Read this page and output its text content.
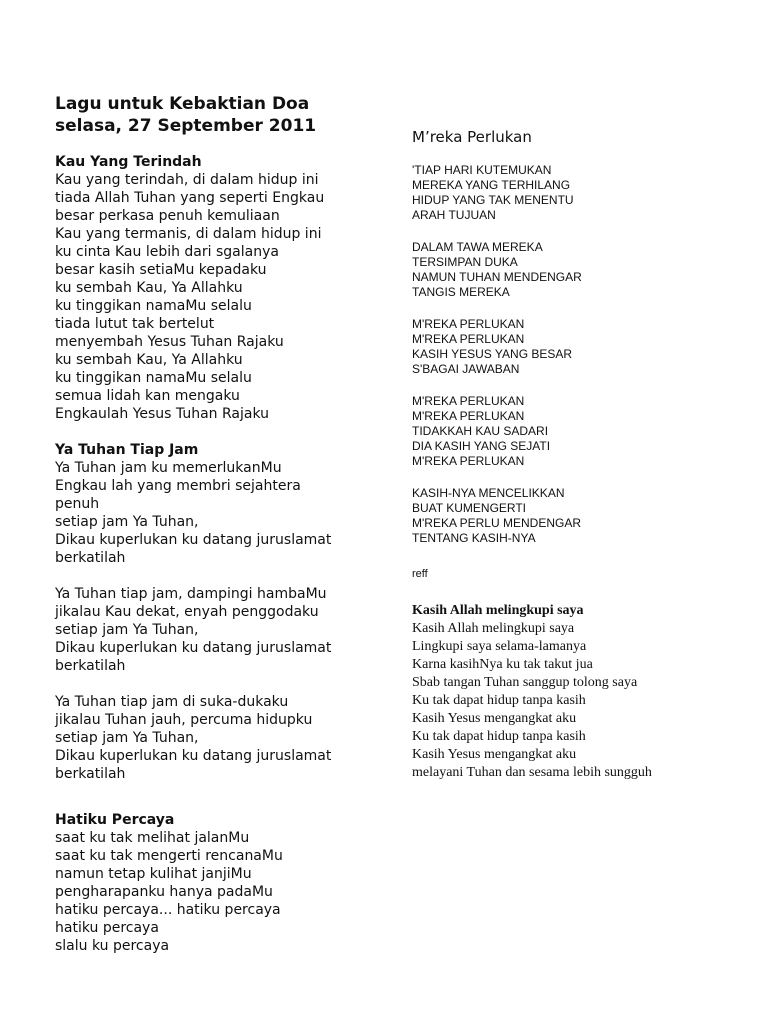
Lagu untuk Kebaktian Doa
selasa, 27 September 2011
Kau Yang Terindah
Kau yang terindah, di dalam hidup ini
tiada Allah Tuhan yang seperti Engkau
besar perkasa penuh kemuliaan
Kau yang termanis, di dalam hidup ini
ku cinta Kau lebih dari sgalanya
besar kasih setiaMu kepadaku
ku sembah Kau, Ya Allahku
ku tinggikan namaMu selalu
tiada lutut tak bertelut
menyembah Yesus Tuhan Rajaku
ku sembah Kau, Ya Allahku
ku tinggikan namaMu selalu
semua lidah kan mengaku
Engkaulah Yesus Tuhan Rajaku
Ya Tuhan Tiap Jam
Ya Tuhan jam ku memerlukanMu
Engkau lah yang membri sejahtera
penuh
setiap jam Ya Tuhan,
Dikau kuperlukan ku datang juruslamat
berkatilah
Ya Tuhan tiap jam, dampingi hambaMu
jikalau Kau dekat, enyah penggodaku
setiap jam Ya Tuhan,
Dikau kuperlukan ku datang juruslamat
berkatilah
Ya Tuhan tiap jam di suka-dukaku
jikalau Tuhan jauh, percuma hidupku
setiap jam Ya Tuhan,
Dikau kuperlukan ku datang juruslamat
berkatilah
Hatiku Percaya
saat ku tak melihat jalanMu
saat ku tak mengerti rencanaMu
namun tetap kulihat janjiMu
pengharapanku hanya padaMu
hatiku percaya... hatiku percaya
hatiku percaya
slalu ku percaya
M’reka Perlukan
'TIAP HARI KUTEMUKAN
MEREKA YANG TERHILANG
HIDUP YANG TAK MENENTU
ARAH TUJUAN
DALAM TAWA MEREKA
TERSIMPAN DUKA
NAMUN TUHAN MENDENGAR
TANGIS MEREKA
M'REKA PERLUKAN
M'REKA PERLUKAN
KASIH YESUS YANG BESAR
S'BAGAI JAWABAN
M'REKA PERLUKAN
M'REKA PERLUKAN
TIDAKKAH KAU SADARI
DIA KASIH YANG SEJATI
M'REKA PERLUKAN
KASIH-NYA MENCELIKKAN
BUAT KUMENGERTI
M'REKA PERLU MENDENGAR
TENTANG KASIH-NYA
reff
Kasih Allah melingkupi saya
Kasih Allah melingkupi saya
Lingkupi saya selama-lamanya
Karna kasihNya ku tak takut jua
Sbab tangan Tuhan sanggup tolong saya
Ku tak dapat hidup tanpa kasih
Kasih Yesus mengangkat aku
Ku tak dapat hidup tanpa kasih
Kasih Yesus mengangkat aku
melayani Tuhan dan sesama lebih sungguh
